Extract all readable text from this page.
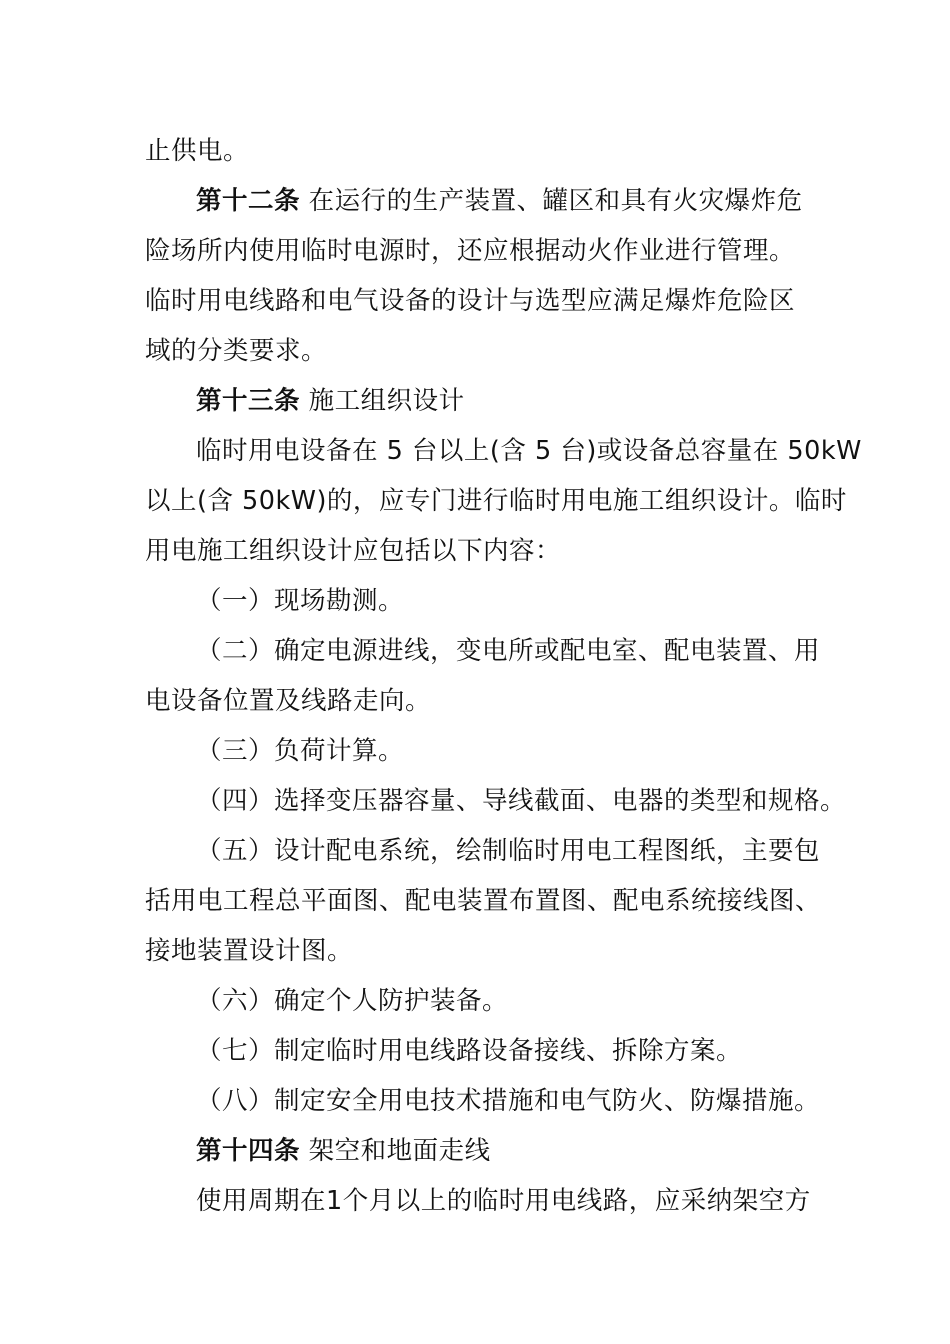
止供电。
第十二条 在运行的生产装置、罐区和具有火灾爆炸危
险场所内使用临时电源时，还应根据动火作业进行管理。
临时用电线路和电气设备的设计与选型应满足爆炸危险区
域的分类要求。
第十三条 施工组织设计
临时用电设备在 5 台以上(含 5 台)或设备总容量在 50kW
以上(含 50kW)的，应专门进行临时用电施工组织设计。临时
用电施工组织设计应包括以下内容：
（一）现场勘测。
（二）确定电源进线，变电所或配电室、配电装置、用
电设备位置及线路走向。
（三）负荷计算。
（四）选择变压器容量、导线截面、电器的类型和规格。
（五）设计配电系统，绘制临时用电工程图纸，主要包
括用电工程总平面图、配电装置布置图、配电系统接线图、
接地装置设计图。
（六）确定个人防护装备。
（七）制定临时用电线路设备接线、拆除方案。
（八）制定安全用电技术措施和电气防火、防爆措施。
第十四条 架空和地面走线
使用周期在1个月以上的临时用电线路，应采纳架空方
